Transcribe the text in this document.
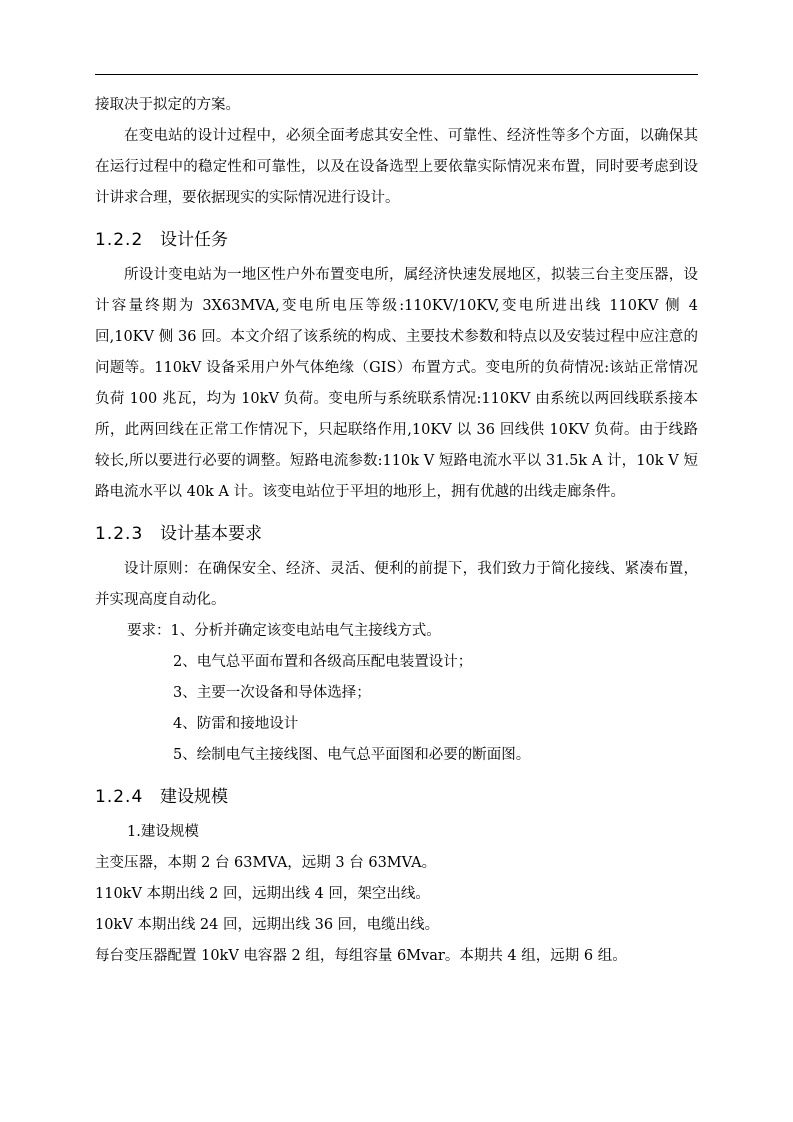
接取决于拟定的方案。

在变电站的设计过程中，必须全面考虑其安全性、可靠性、经济性等多个方面，以确保其在运行过程中的稳定性和可靠性，以及在设备选型上要依靠实际情况来布置，同时要考虑到设计讲求合理，要依据现实的实际情况进行设计。

1.2.2 设计任务

所设计变电站为一地区性户外布置变电所，属经济快速发展地区，拟装三台主变压器，设计容量终期为 3X63MVA,变电所电压等级:110KV/10KV,变电所进出线 110KV 侧 4 回,10KV 侧 36 回。本文介绍了该系统的构成、主要技术参数和特点以及安装过程中应注意的问题等。110kV 设备采用户外气体绝缘（GIS）布置方式。变电所的负荷情况:该站正常情况负荷 100 兆瓦，均为 10kV 负荷。变电所与系统联系情况:110KV 由系统以两回线联系接本所，此两回线在正常工作情况下，只起联络作用,10KV 以 36 回线供 10KV 负荷。由于线路较长,所以要进行必要的调整。短路电流参数:110k V 短路电流水平以 31.5k A 计，10k V 短路电流水平以 40k A 计。该变电站位于平坦的地形上，拥有优越的出线走廊条件。

1.2.3 设计基本要求

设计原则：在确保安全、经济、灵活、便利的前提下，我们致力于简化接线、紧凑布置，并实现高度自动化。

要求：1、分析并确定该变电站电气主接线方式。

2、电气总平面布置和各级高压配电装置设计；

3、主要一次设备和导体选择；

4、防雷和接地设计

5、绘制电气主接线图、电气总平面图和必要的断面图。

1.2.4 建设规模

1.建设规模

主变压器，本期 2 台 63MVA，远期 3 台 63MVA。

110kV 本期出线 2 回，远期出线 4 回，架空出线。

10kV 本期出线 24 回，远期出线 36 回，电缆出线。

每台变压器配置 10kV 电容器 2 组，每组容量 6Mvar。本期共 4 组，远期 6 组。
